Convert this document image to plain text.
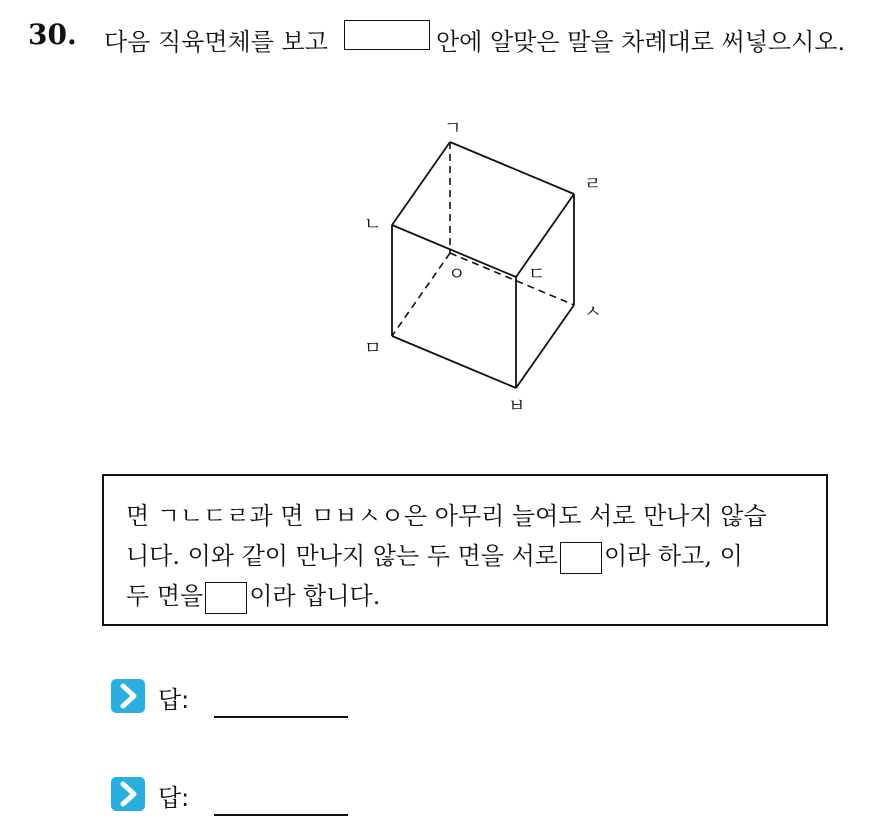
30. 다음 직육면체를 보고	안에 알맞은 말을 차례대로 써넣으시오.
ㄱ
ㄹ
ㄴ
ㅇ	ㄷ
ㅅ
ㅁ
ㅂ
면 ㄱㄴㄷㄹ과 면 ㅁㅂㅅㅇ은 아무리 늘여도 서로 만나지 않습
니다. 이와 같이 만나지 않는 두 면을 서로 이라 하고, 이
두 면을 이라 합니다.
답:
답:
